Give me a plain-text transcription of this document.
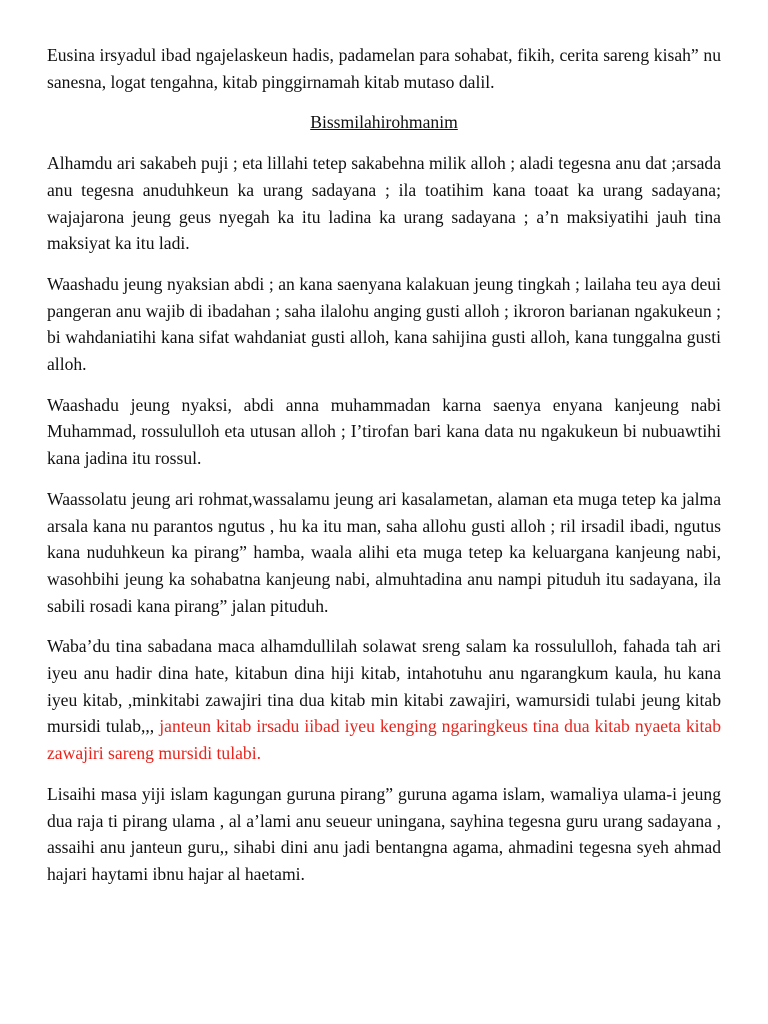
Eusina irsyadul ibad ngajelaskeun hadis, padamelan para sohabat, fikih, cerita sareng kisah” nu sanesna, logat tengahna, kitab pinggirnamah kitab mutaso dalil.

Bissmilahirohmanim

Alhamdu ari sakabeh puji ; eta lillahi tetep sakabehna milik alloh ; aladi tegesna anu dat ;arsada anu tegesna anuduhkeun ka urang sadayana ; ila toatihim kana toaat ka urang sadayana; wajajarona jeung geus nyegah ka itu ladina ka urang sadayana ; a’n maksiyatihi jauh tina maksiyat ka itu ladi.

Waashadu jeung nyaksian abdi ; an kana saenyana kalakuan jeung tingkah ; lailaha teu aya deui pangeran anu wajib di ibadahan ; saha ilalohu anging gusti alloh ; ikroron barianan ngakukeun ; bi wahdaniatihi kana sifat wahdaniat gusti alloh, kana sahijina gusti alloh, kana tunggalna gusti alloh.

Waashadu jeung nyaksi, abdi anna muhammadan karna saenya enyana kanjeung nabi Muhammad, rossululloh eta utusan alloh ; I’tirofan bari kana data nu ngakukeun bi nubuawtihi kana jadina itu rossul.

Waassolatu jeung ari rohmat,wassalamu jeung ari kasalametan, alaman eta muga tetep ka jalma arsala kana nu parantos ngutus , hu ka itu man, saha allohu gusti alloh ; ril irsadil ibadi, ngutus kana nuduhkeun ka pirang” hamba, waala alihi eta muga tetep ka keluargana kanjeung nabi, wasohbihi jeung ka sohabatna kanjeung nabi, almuhtadina anu nampi pituduh itu sadayana, ila sabili rosadi kana pirang” jalan pituduh.

Waba’du tina sabadana maca alhamdullilah solawat sreng salam ka rossululloh, fahada tah ari iyeu anu hadir dina hate, kitabun dina hiji kitab, intahotuhu anu ngarangkum kaula, hu kana iyeu kitab, ,minkitabi zawajiri tina dua kitab min kitabi zawajiri, wamursidi tulabi jeung kitab mursidi tulab,,, janteun kitab irsadu iibad iyeu kenging ngaringkeus tina dua kitab nyaeta kitab zawajiri sareng mursidi tulabi.

Lisaihi masa yiji islam kagungan guruna pirang” guruna agama islam, wamaliya ulama-i jeung dua raja ti pirang ulama , al a’lami anu seueur uningana, sayhina tegesna guru urang sadayana , assaihi anu janteun guru,, sihabi dini anu jadi bentangna agama, ahmadini tegesna syeh ahmad hajari haytami ibnu hajar al haetami.
